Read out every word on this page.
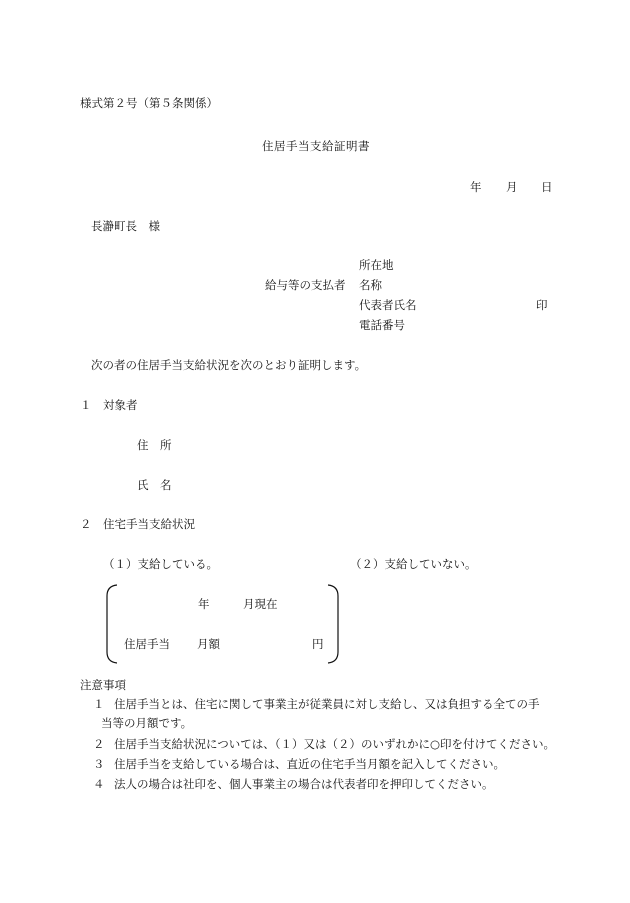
様式第２号（第５条関係）
住居手当支給証明書
年 月 日
長瀞町長　様
給与等の支払者
所在地
名称
代表者氏名	印
電話番号
次の者の住居手当支給状況を次のとおり証明します。
１　対象者
住　所
氏　名
２　住宅手当支給状況
（１）支給している。	（２）支給していない。
年	月現在
住居手当 月額	円
注意事項
１ 住居手当とは、住宅に関して事業主が従業員に対し支給し、又は負担する全ての手
当等の月額です。
２ 住居手当支給状況については、（１）又は（２）のいずれかに○印を付けてください。
３ 住居手当を支給している場合は、直近の住宅手当月額を記入してください。
４ 法人の場合は社印を、個人事業主の場合は代表者印を押印してください。
